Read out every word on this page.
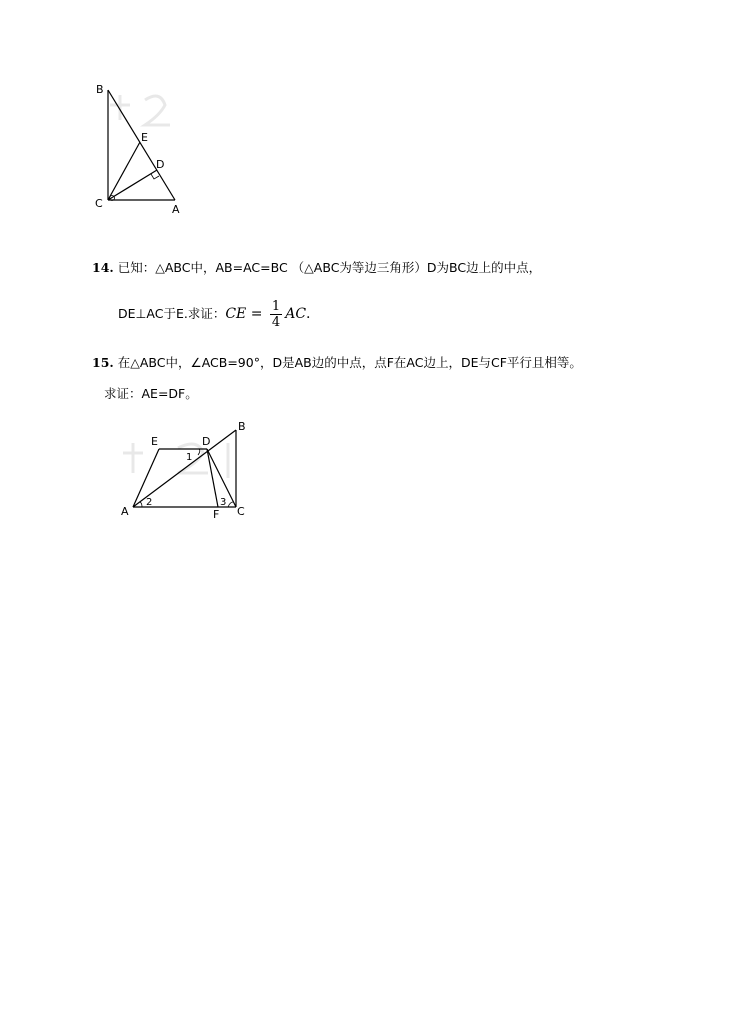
B
E
D
C	A
14. 已知：△ABC中，AB=AC=BC （△ABC为等边三角形）D为BC边上的中点，
DE⊥AC于E.求证：CE = $\frac{1}{4}$ AC.
15. 在△ABC中，∠ACB=90°，D是AB边的中点，点F在AC边上，DE与CF平行且相等。
求证：AE=DF。
E	D
B
A	F C
1
2	3
